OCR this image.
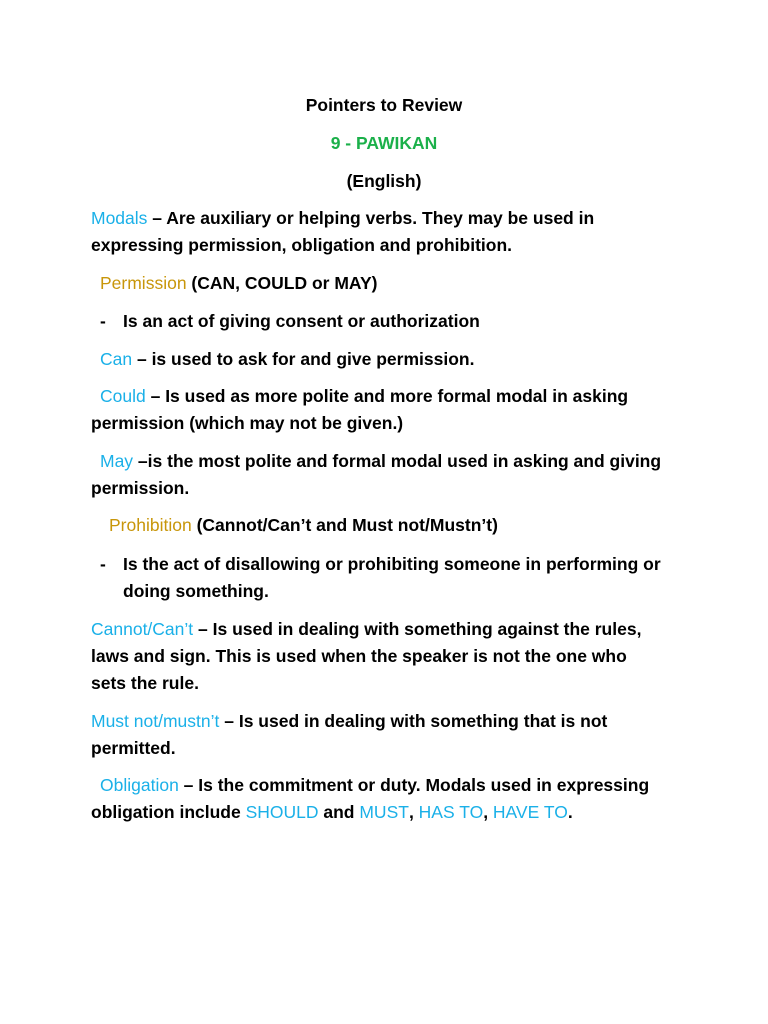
Pointers to Review
9 - PAWIKAN
(English)
Modals – Are auxiliary or helping verbs. They may be used in expressing permission, obligation and prohibition.
Permission (CAN, COULD or MAY)
- Is an act of giving consent or authorization
Can – is used to ask for and give permission.
Could – Is used as more polite and more formal modal in asking permission (which may not be given.)
May –is the most polite and formal modal used in asking and giving permission.
Prohibition (Cannot/Can’t and Must not/Mustn’t)
- Is the act of disallowing or prohibiting someone in performing or doing something.
Cannot/Can’t – Is used in dealing with something against the rules, laws and sign. This is used when the speaker is not the one who sets the rule.
Must not/mustn’t – Is used in dealing with something that is not permitted.
Obligation – Is the commitment or duty. Modals used in expressing obligation include SHOULD and MUST, HAS TO, HAVE TO.
